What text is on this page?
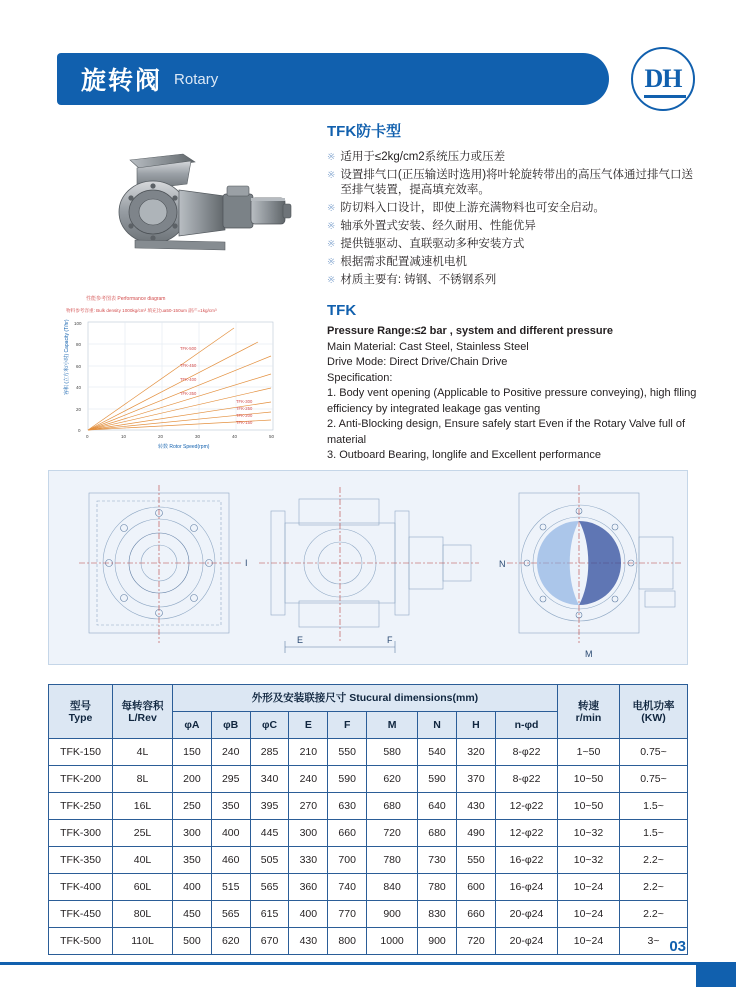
旋转阀 Rotary	DH
TFK防卡型
※ 适用于≤2kg/cm2系统压力或压差
※ 设置排气口(正压输送时选用)将叶轮旋转带出的高压气体通过排气口送至排气装置，提高填充效率。
※ 防切料入口设计，即使上游充满物料也可安全启动。
※ 轴承外置式安装、经久耐用、性能优异
※ 提供链驱动、直联驱动多种安装方式
※ 根据需求配置减速机电机
※ 材质主要有: 铸钢、不锈钢系列
TFK
Pressure Range:≤2 bar , system and different pressure
Main Material: Cast Steel, Stainless Steel
Drive Mode: Direct Drive/Chain Drive
Specification:
1. Body vent opening (Applicable to Positive pressure conveying), high flling efficiency by integrated leakage gas venting
2. Anti-Blocking design, Ensure safely start Even if the Rotary Valve full of material
3. Outboard Bearing, longlife and Excellent performance
性能参考图表 Performance diagram
物料参考容重: Bulk density 1000kg/cm³ 填充比ua50-150um 副产=1kg/cm³
容积 (立方米/小时) Capacity (T/hr)
0
20
40
60
80
100
0	10	20	30	40	50
TFK-500
TFK-450
TFK-400
TFK-350
TFK-300
TFK-250
TFK-200
TFK-150
转数 Rotor Speed(rpm)
I
E	F
N
M
型号
Type

每转容积
L/Rev
	外形及安装联接尺寸 Stucural dimensions(mm)	
转速
r/min

电机功率
(KW)

		φA	φB	φC	E	F	M	N	H	n-φd		
TFK-150	4L	150	240	285	210	550	580	540	320	8-φ22	1~50	0.75~
TFK-200	8L	200	295	340	240	590	620	590	370	8-φ22	10~50	0.75~
TFK-250	16L	250	350	395	270	630	680	640	430	12-φ22	10~50	1.5~
TFK-300	25L	300	400	445	300	660	720	680	490	12-φ22	10~32	1.5~
TFK-350	40L	350	460	505	330	700	780	730	550	16-φ22	10~32	2.2~
TFK-400	60L	400	515	565	360	740	840	780	600	16-φ24	10~24	2.2~
TFK-450	80L	450	565	615	400	770	900	830	660	20-φ24	10~24	2.2~
TFK-500	110L	500	620	670	430	800	1000	900	720	20-φ24	10~24	3~ 03
